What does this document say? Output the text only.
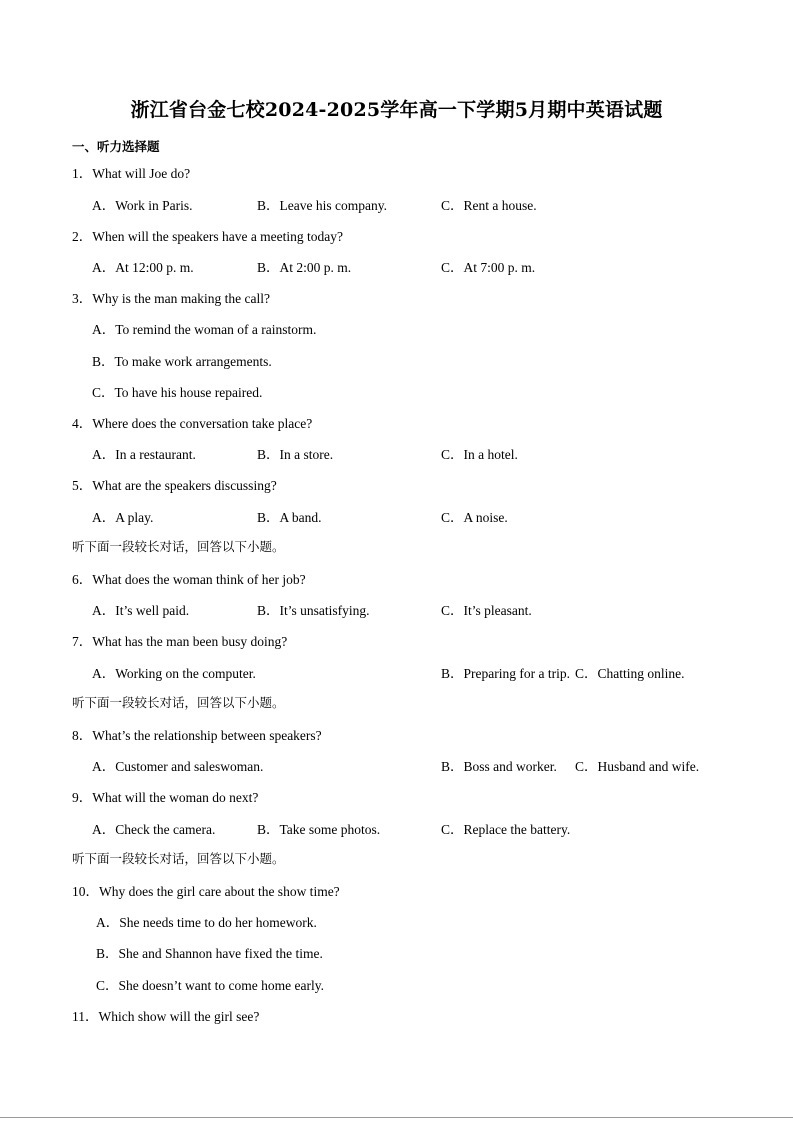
浙江省台金七校2024-2025学年高一下学期5月期中英语试题
一、听力选择题
1．What will Joe do?
A．Work in Paris.	B．Leave his company.	C．Rent a house.
2．When will the speakers have a meeting today?
A．At 12:00 p. m.	B．At 2:00 p. m.	C．At 7:00 p. m.
3．Why is the man making the call?
A．To remind the woman of a rainstorm.
B．To make work arrangements.
C．To have his house repaired.
4．Where does the conversation take place?
A．In a restaurant.	B．In a store.	C．In a hotel.
5．What are the speakers discussing?
A．A play.	B．A band.	C．A noise.
听下面一段较长对话，回答以下小题。
6．What does the woman think of her job?
A．It’s well paid.	B．It’s unsatisfying.	C．It’s pleasant.
7．What has the man been busy doing?
A．Working on the computer.	B．Preparing for a trip. C．Chatting online.
听下面一段较长对话，回答以下小题。
8．What’s the relationship between speakers?
A．Customer and saleswoman.	B．Boss and worker. C．Husband and wife.
9．What will the woman do next?
A．Check the camera.	B．Take some photos.	C．Replace the battery.
听下面一段较长对话，回答以下小题。
10．Why does the girl care about the show time?
A．She needs time to do her homework.
B．She and Shannon have fixed the time.
C．She doesn’t want to come home early.
11．Which show will the girl see?
